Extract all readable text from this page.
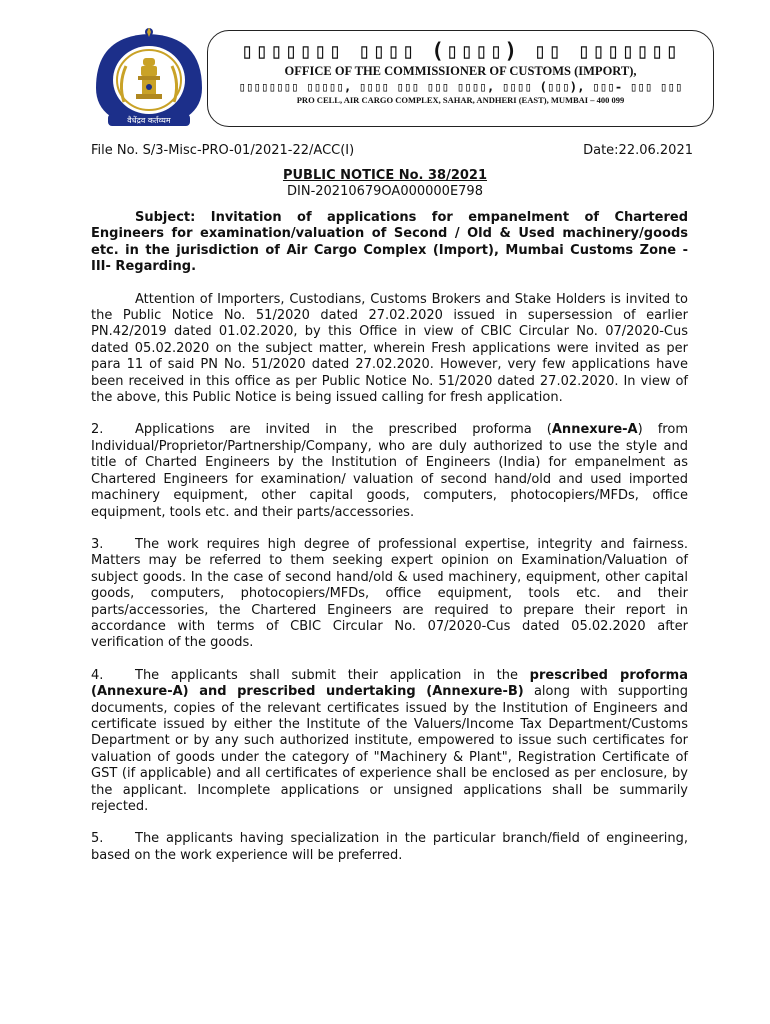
वैधेंद्रव कर्तव्यम
▯▯▯▯▯▯▯ ▯▯▯▯ (▯▯▯▯) ▯▯ ▯▯▯▯▯▯▯
OFFICE OF THE COMMISSIONER OF CUSTOMS (IMPORT),
▯▯▯▯▯▯▯▯ ▯▯▯▯▯, ▯▯▯▯ ▯▯▯ ▯▯▯ ▯▯▯▯, ▯▯▯▯ (▯▯▯), ▯▯▯- ▯▯▯ ▯▯▯
PRO CELL, AIR CARGO COMPLEX, SAHAR, ANDHERI (EAST), MUMBAI – 400 099
File No. S/3-Misc-PRO-01/2021-22/ACC(I)	Date:22.06.2021
PUBLIC NOTICE No. 38/2021
DIN-20210679OA000000E798

Subject: Invitation of applications for empanelment of Chartered Engineers for examination/valuation of Second / Old & Used machinery/goods etc. in the jurisdiction of Air Cargo Complex (Import), Mumbai Customs Zone - III- Regarding.

Attention of Importers, Custodians, Customs Brokers and Stake Holders is invited to the Public Notice No. 51/2020 dated 27.02.2020 issued in supersession of earlier PN.42/2019 dated 01.02.2020, by this Office in view of CBIC Circular No. 07/2020-Cus dated 05.02.2020 on the subject matter, wherein Fresh applications were invited as per para 11 of said PN No. 51/2020 dated 27.02.2020. However, very few applications have been received in this office as per Public Notice No. 51/2020 dated 27.02.2020. In view of the above, this Public Notice is being issued calling for fresh application.

2. Applications are invited in the prescribed proforma (Annexure-A) from Individual/Proprietor/Partnership/Company, who are duly authorized to use the style and title of Charted Engineers by the Institution of Engineers (India) for empanelment as Chartered Engineers for examination/ valuation of second hand/old and used imported machinery equipment, other capital goods, computers, photocopiers/MFDs, office equipment, tools etc. and their parts/accessories.

3. The work requires high degree of professional expertise, integrity and fairness. Matters may be referred to them seeking expert opinion on Examination/Valuation of subject goods. In the case of second hand/old & used machinery, equipment, other capital goods, computers, photocopiers/MFDs, office equipment, tools etc. and their parts/accessories, the Chartered Engineers are required to prepare their report in accordance with terms of CBIC Circular No. 07/2020-Cus dated 05.02.2020 after verification of the goods.

4. The applicants shall submit their application in the prescribed proforma (Annexure-A) and prescribed undertaking (Annexure-B) along with supporting documents, copies of the relevant certificates issued by the Institution of Engineers and certificate issued by either the Institute of the Valuers/Income Tax Department/Customs Department or by any such authorized institute, empowered to issue such certificates for valuation of goods under the category of "Machinery & Plant", Registration Certificate of GST (if applicable) and all certificates of experience shall be enclosed as per enclosure, by the applicant. Incomplete applications or unsigned applications shall be summarily rejected.

5. The applicants having specialization in the particular branch/field of engineering, based on the work experience will be preferred.
